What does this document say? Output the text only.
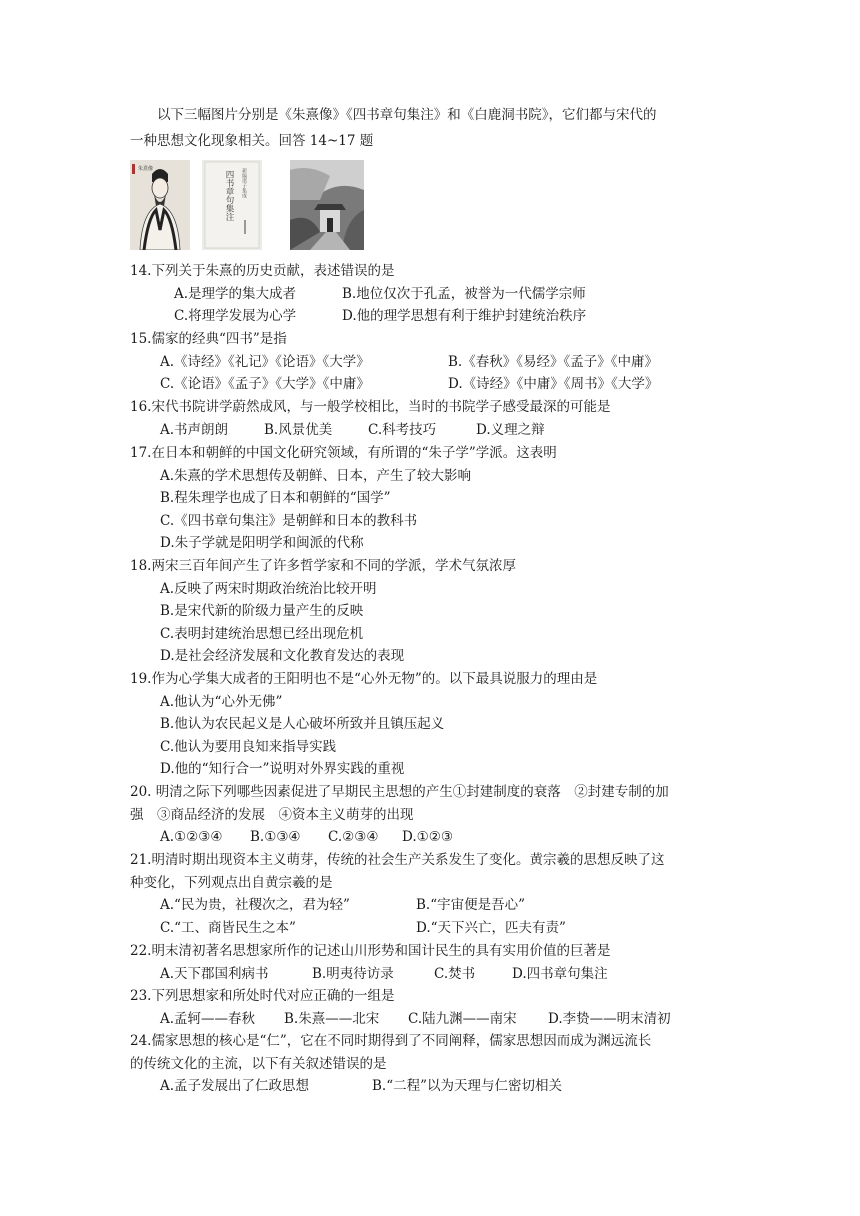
以下三幅图片分别是《朱熹像》《四书章句集注》和《白鹿洞书院》，它们都与宋代的
一种思想文化现象相关。回答 14~17 题
朱熹像	新编诸子集成
四书章句集注
14.下列关于朱熹的历史贡献，表述错误的是
A.是理学的集大成者	B.地位仅次于孔孟，被誉为一代儒学宗师
C.将理学发展为心学	D.他的理学思想有利于维护封建统治秩序
15.儒家的经典“四书”是指
A.《诗经》《礼记》《论语》《大学》	B.《春秋》《易经》《孟子》《中庸》
C.《论语》《孟子》《大学》《中庸》	D.《诗经》《中庸》《周书》《大学》
16.宋代书院讲学蔚然成风，与一般学校相比，当时的书院学子感受最深的可能是
A.书声朗朗	B.风景优美	C.科考技巧	D.义理之辩
17.在日本和朝鲜的中国文化研究领域，有所谓的“朱子学”学派。这表明
A.朱熹的学术思想传及朝鲜、日本，产生了较大影响
B.程朱理学也成了日本和朝鲜的“国学”
C.《四书章句集注》是朝鲜和日本的教科书
D.朱子学就是阳明学和闽派的代称
18.两宋三百年间产生了许多哲学家和不同的学派，学术气氛浓厚
A.反映了两宋时期政治统治比较开明
B.是宋代新的阶级力量产生的反映
C.表明封建统治思想已经出现危机
D.是社会经济发展和文化教育发达的表现
19.作为心学集大成者的王阳明也不是“心外无物”的。以下最具说服力的理由是
A.他认为“心外无佛”
B.他认为农民起义是人心破坏所致并且镇压起义
C.他认为要用良知来指导实践
D.他的“知行合一”说明对外界实践的重视
20. 明清之际下列哪些因素促进了早期民主思想的产生①封建制度的衰落　②封建专制的加
强　③商品经济的发展　④资本主义萌芽的出现
A.①②③④ B.①③④ C.②③④ D.①②③
21.明清时期出现资本主义萌芽，传统的社会生产关系发生了变化。黄宗羲的思想反映了这
种变化，下列观点出自黄宗羲的是
A.“民为贵，社稷次之，君为轻”	B.“宇宙便是吾心”
C.“工、商皆民生之本”	D.“天下兴亡，匹夫有责”
22.明末清初著名思想家所作的记述山川形势和国计民生的具有实用价值的巨著是
A.天下郡国利病书	B.明夷待访录	C.焚书	D.四书章句集注
23.下列思想家和所处时代对应正确的一组是
A.孟轲——春秋 B.朱熹——北宋 C.陆九渊——南宋 D.李贽——明末清初
24.儒家思想的核心是“仁”，它在不同时期得到了不同阐释，儒家思想因而成为渊远流长
的传统文化的主流，以下有关叙述错误的是
A.孟子发展出了仁政思想	B.“二程”以为天理与仁密切相关
